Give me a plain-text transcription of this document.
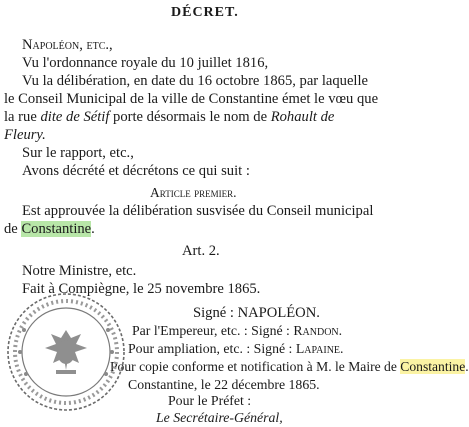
DÉCRET.
Napoléon, etc.,
Vu l'ordonnance royale du 10 juillet 1816,
Vu la délibération, en date du 16 octobre 1865, par laquelle
le Conseil Municipal de la ville de Constantine émet le vœu que
la rue dite de Sétif porte désormais le nom de Rohault de
Fleury.
Sur le rapport, etc.,
Avons décrété et décrétons ce qui suit :
Article premier.
Est approuvée la délibération susvisée du Conseil municipal
de Constantine.
Art. 2.
Notre Ministre, etc.
Fait à Compiègne, le 25 novembre 1865.
Signé : NAPOLÉON.
Par l'Empereur, etc. : Signé : Randon.
Pour ampliation, etc. : Signé : Lapaine.
Pour copie conforme et notification à M. le Maire de Constantine.
Constantine, le 22 décembre 1865.
Pour le Préfet :
Le Secrétaire-Général,
